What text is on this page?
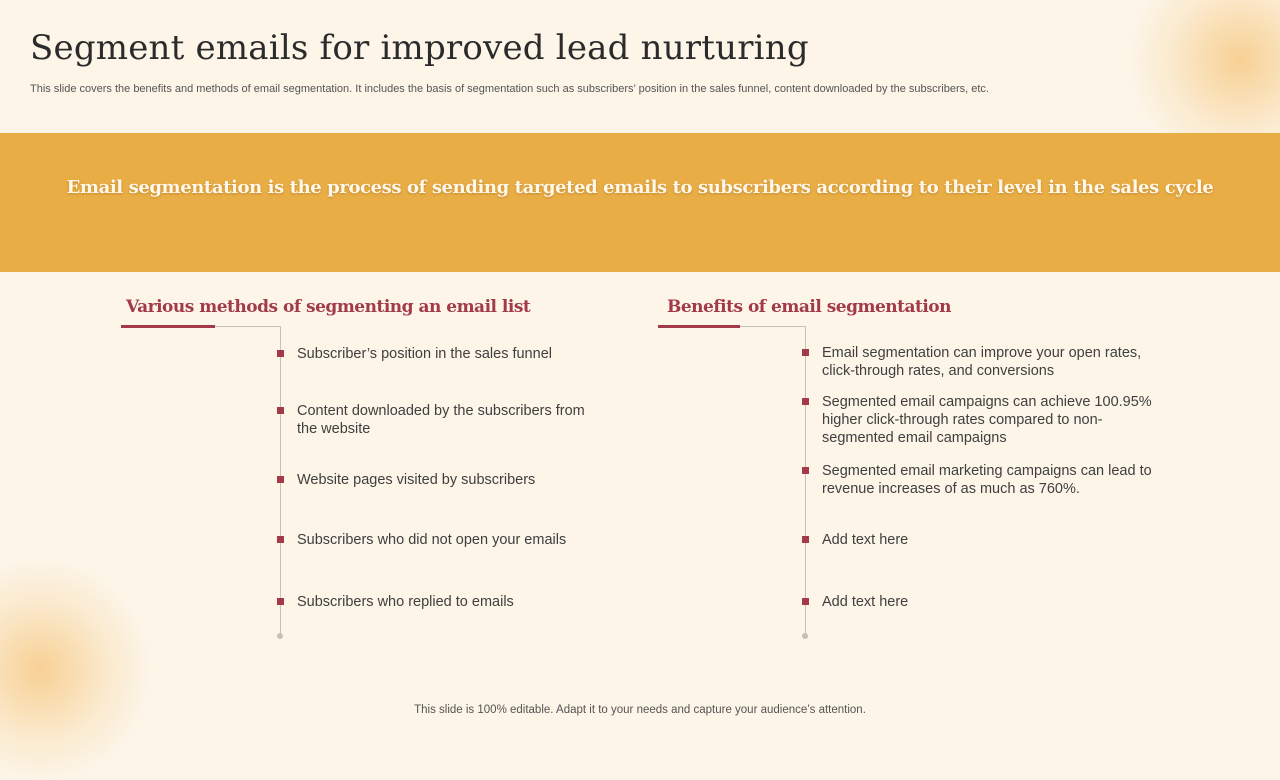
Segment emails for improved lead nurturing
This slide covers the benefits and methods of email segmentation. It includes the basis of segmentation such as subscribers’ position in the sales funnel, content downloaded by the subscribers, etc.
Email segmentation is the process of sending targeted emails to subscribers according to their level in the sales cycle
Various methods of segmenting an email list
Subscriber’s position in the sales funnel
Content downloaded by the subscribers from the website
Website pages visited by subscribers
Subscribers who did not open your emails
Subscribers who replied to emails
Benefits of email segmentation
Email segmentation can improve your open rates, click-through rates, and conversions
Segmented email campaigns can achieve 100.95% higher click-through rates compared to non-segmented email campaigns
Segmented email marketing campaigns can lead to revenue increases of as much as 760%.
Add text here
Add text here
This slide is 100% editable. Adapt it to your needs and capture your audience’s attention.
